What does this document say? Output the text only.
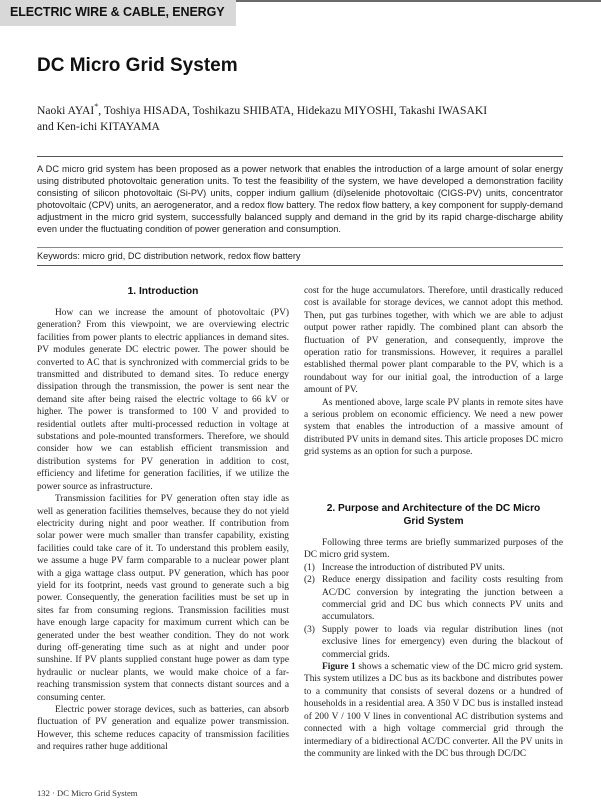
ELECTRIC WIRE & CABLE, ENERGY
DC Micro Grid System
Naoki AYAI*, Toshiya HISADA, Toshikazu SHIBATA, Hidekazu MIYOSHI, Takashi IWASAKI
and Ken-ichi KITAYAMA
A DC micro grid system has been proposed as a power network that enables the introduction of a large amount of solar energy using distributed photovoltaic generation units. To test the feasibility of the system, we have developed a demonstration facility consisting of silicon photovoltaic (Si-PV) units, copper indium gallium (di)selenide photovoltaic (CIGS-PV) units, concentrator photovoltaic (CPV) units, an aerogenerator, and a redox flow battery. The redox flow battery, a key component for supply-demand adjustment in the micro grid system, successfully balanced supply and demand in the grid by its rapid charge-discharge ability even under the fluctuating condition of power generation and consumption.
Keywords: micro grid, DC distribution network, redox flow battery
1. Introduction

How can we increase the amount of photovoltaic (PV) generation? From this viewpoint, we are overviewing electric facilities from power plants to electric appliances in demand sites. PV modules generate DC electric power. The power should be converted to AC that is synchronized with commercial grids to be transmitted and distributed to demand sites. To reduce energy dissipation through the transmission, the power is sent near the demand site after being raised the electric voltage to 66 kV or higher. The power is transformed to 100 V and provided to residential outlets after multi-processed reduction in voltage at substations and pole-mounted transformers. Therefore, we should consider how we can establish efficient transmission and distribution systems for PV generation in addition to cost, efficiency and lifetime for generation facilities, if we utilize the power source as infrastructure.

Transmission facilities for PV generation often stay idle as well as generation facilities themselves, because they do not yield electricity during night and poor weather. If contribution from solar power were much smaller than transfer capability, existing facilities could take care of it. To understand this problem easily, we assume a huge PV farm comparable to a nuclear power plant with a giga wattage class output. PV generation, which has poor yield for its footprint, needs vast ground to generate such a big power. Consequently, the generation facilities must be set up in sites far from consuming regions. Transmission facilities must have enough large capacity for maximum current which can be generated under the best weather condition. They do not work during off-generating time such as at night and under poor sunshine. If PV plants supplied constant huge power as dam type hydraulic or nuclear plants, we would make choice of a far-reaching transmission system that connects distant sources and a consuming center.

Electric power storage devices, such as batteries, can absorb fluctuation of PV generation and equalize power transmission. However, this scheme reduces capacity of transmission facilities and requires rather huge additional

cost for the huge accumulators. Therefore, until drastically reduced cost is available for storage devices, we cannot adopt this method. Then, put gas turbines together, with which we are able to adjust output power rather rapidly. The combined plant can absorb the fluctuation of PV generation, and consequently, improve the operation ratio for transmissions. However, it requires a parallel established thermal power plant comparable to the PV, which is a roundabout way for our initial goal, the introduction of a large amount of PV.

As mentioned above, large scale PV plants in remote sites have a serious problem on economic efficiency. We need a new power system that enables the introduction of a massive amount of distributed PV units in demand sites. This article proposes DC micro grid systems as an option for such a purpose.

2. Purpose and Architecture of the DC Micro
Grid System

Following three terms are briefly summarized purposes of the DC micro grid system.

(1) Increase the introduction of distributed PV units.
(2) Reduce energy dissipation and facility costs resulting from AC/DC conversion by integrating the junction between a commercial grid and DC bus which connects PV units and accumulators.
(3) Supply power to loads via regular distribution lines (not exclusive lines for emergency) even during the blackout of commercial grids.

Figure 1 shows a schematic view of the DC micro grid system. This system utilizes a DC bus as its backbone and distributes power to a community that consists of several dozens or a hundred of households in a residential area. A 350 V DC bus is installed instead of 200 V / 100 V lines in conventional AC distribution systems and connected with a high voltage commercial grid through the intermediary of a bidirectional AC/DC converter. All the PV units in the community are linked with the DC bus through DC/DC

132 · DC Micro Grid System
